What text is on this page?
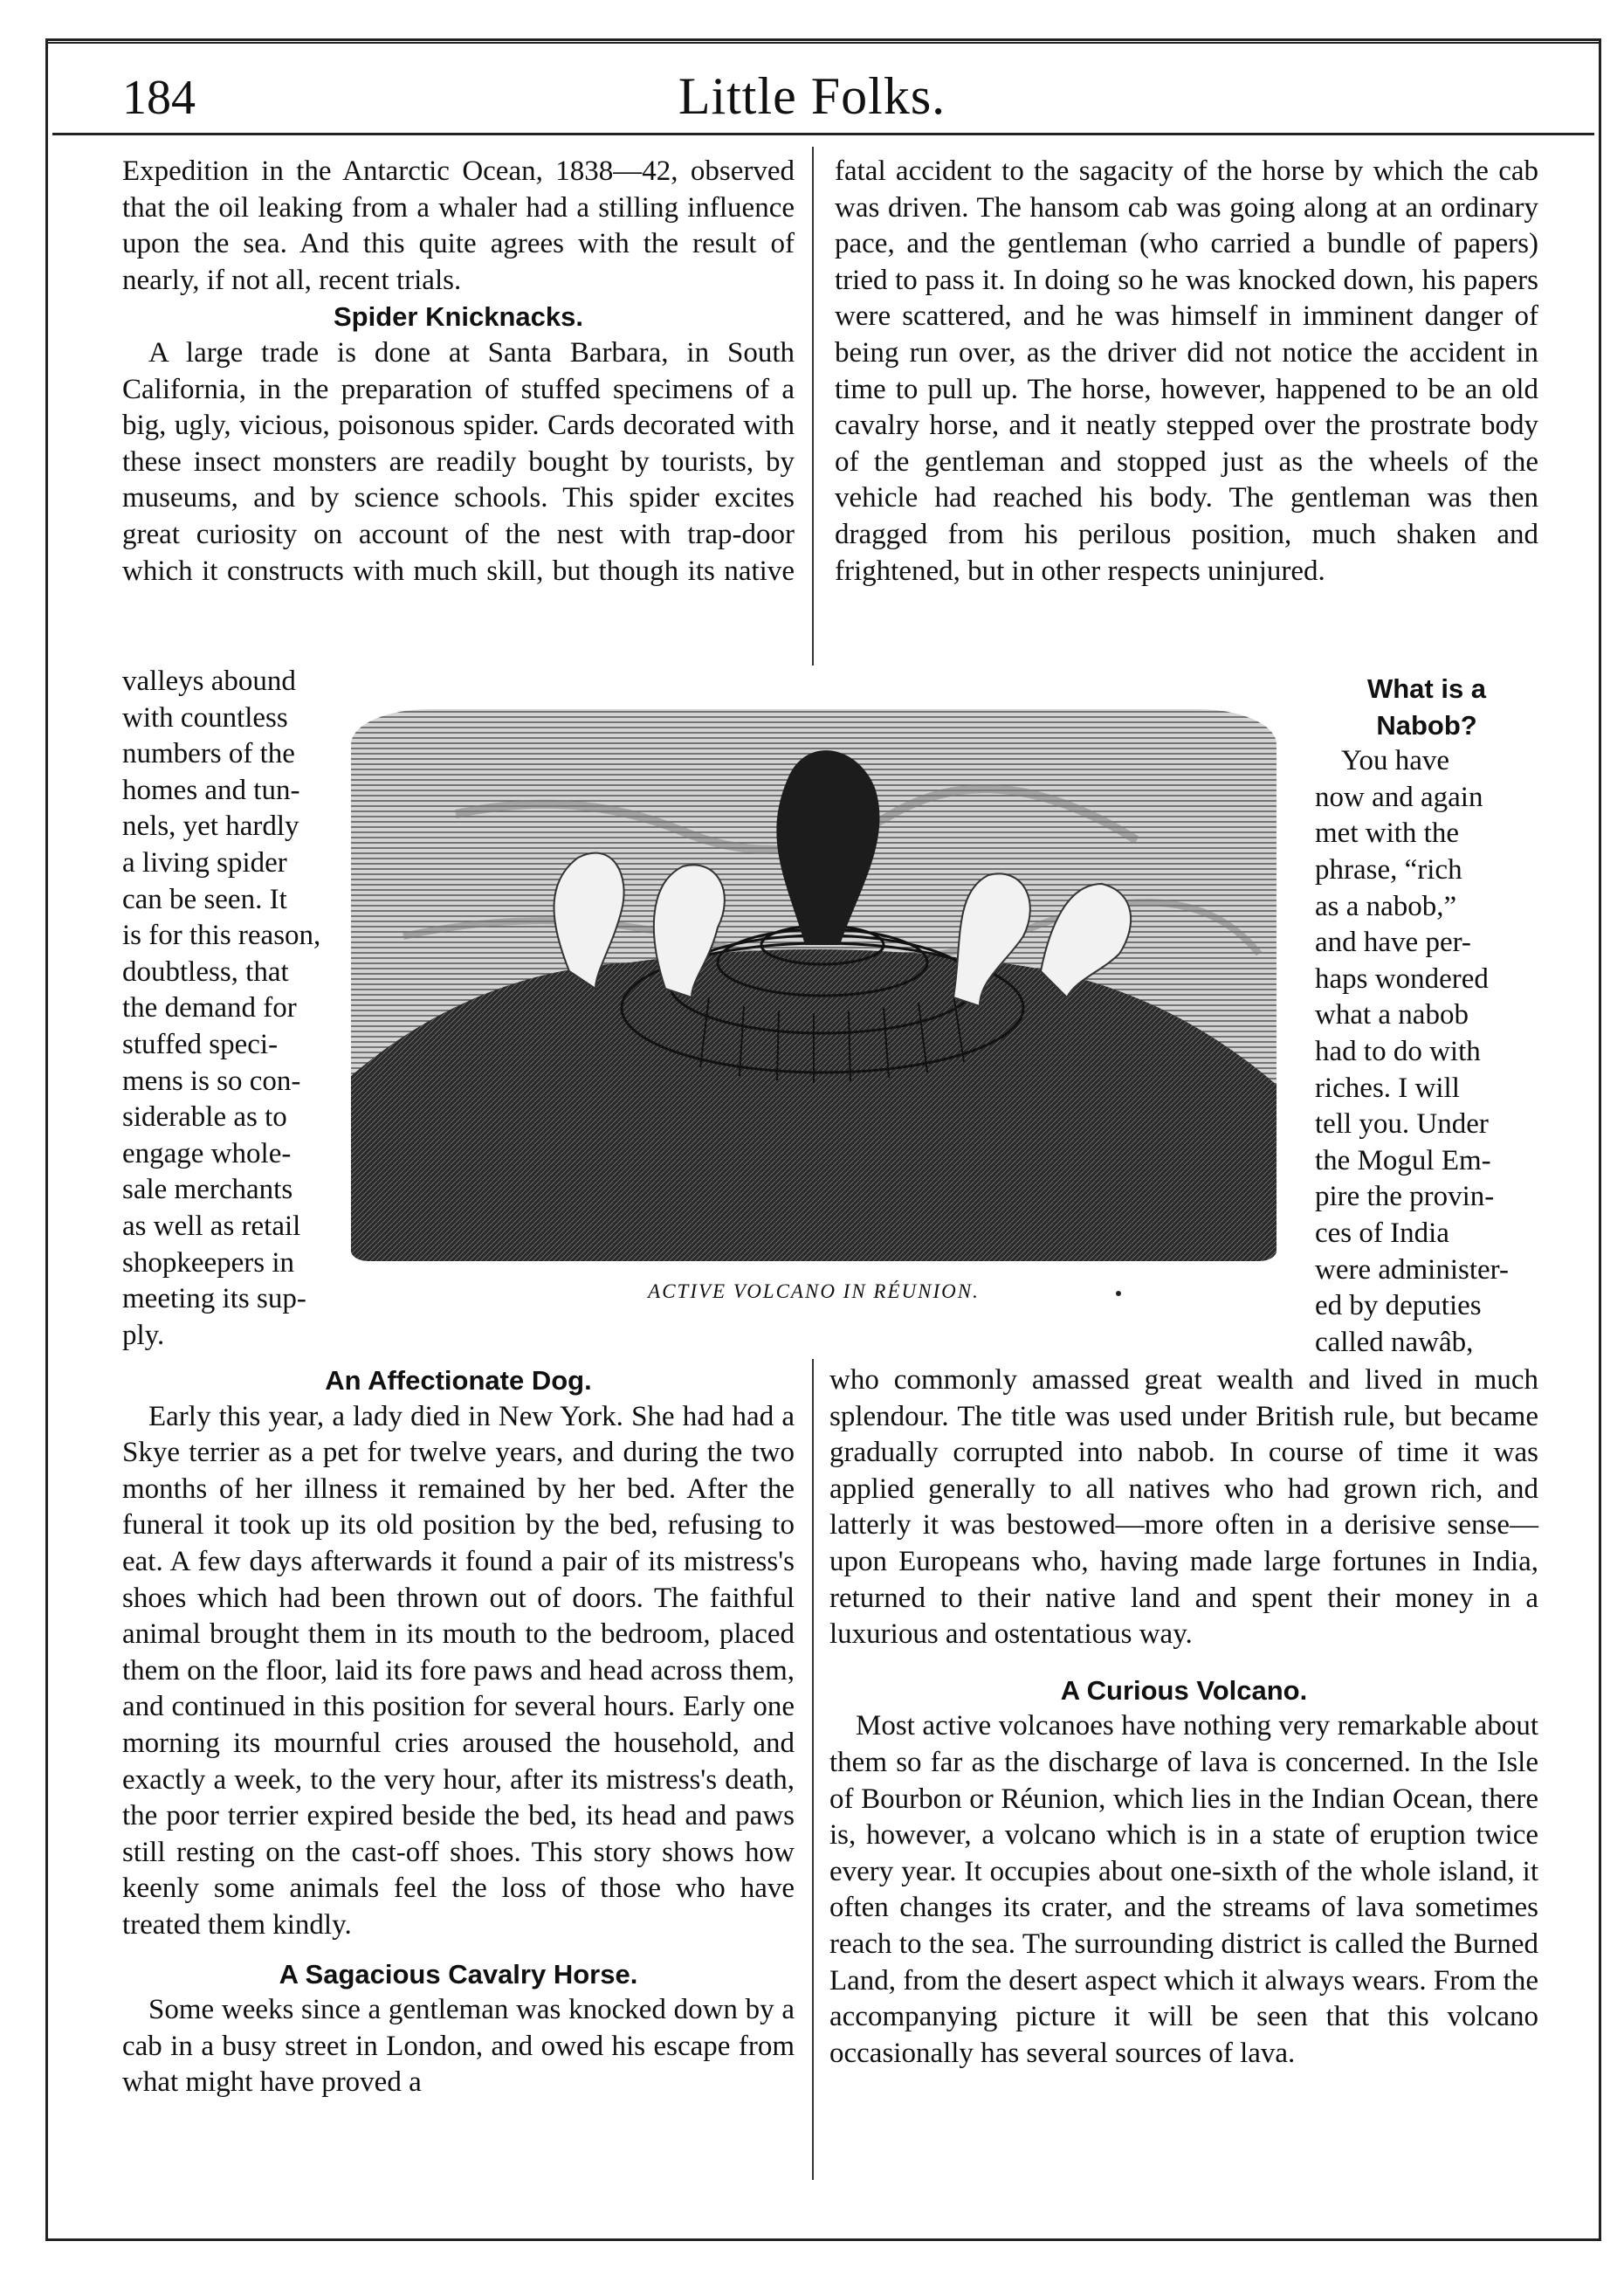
184	Little Folks.

Expedition in the Antarctic Ocean, 1838—42, observed that the oil leaking from a whaler had a stilling influence upon the sea. And this quite agrees with the result of nearly, if not all, recent trials.

Spider Knicknacks.

A large trade is done at Santa Barbara, in South California, in the preparation of stuffed specimens of a big, ugly, vicious, poisonous spider. Cards decorated with these insect monsters are readily bought by tourists, by museums, and by science schools. This spider excites great curiosity on account of the nest with trap-door which it constructs with much skill, but though its native

valleys abound
with countless
numbers of the
homes and tun-
nels, yet hardly
a living spider
can be seen. It
is for this reason,
doubtless, that
the demand for
stuffed speci-
mens is so con-
siderable as to
engage whole-
sale merchants
as well as retail
shopkeepers in
meeting its sup-
ply.

An Affectionate Dog.

Early this year, a lady died in New York. She had had a Skye terrier as a pet for twelve years, and during the two months of her illness it remained by her bed. After the funeral it took up its old position by the bed, refusing to eat. A few days afterwards it found a pair of its mistress's shoes which had been thrown out of doors. The faithful animal brought them in its mouth to the bedroom, placed them on the floor, laid its fore paws and head across them, and continued in this position for several hours. Early one morning its mournful cries aroused the household, and exactly a week, to the very hour, after its mistress's death, the poor terrier expired beside the bed, its head and paws still resting on the cast-off shoes. This story shows how keenly some animals feel the loss of those who have treated them kindly.

A Sagacious Cavalry Horse.

Some weeks since a gentleman was knocked down by a cab in a busy street in London, and owed his escape from what might have proved a

fatal accident to the sagacity of the horse by which the cab was driven. The hansom cab was going along at an ordinary pace, and the gentleman (who carried a bundle of papers) tried to pass it. In doing so he was knocked down, his papers were scattered, and he was himself in imminent danger of being run over, as the driver did not notice the accident in time to pull up. The horse, however, happened to be an old cavalry horse, and it neatly stepped over the prostrate body of the gentleman and stopped just as the wheels of the vehicle had reached his body. The gentleman was then dragged from his perilous position, much shaken and frightened, but in other respects uninjured.

What is a
Nabob?

You have
now and again
met with the
phrase, “rich
as a nabob,”
and have per-
haps wondered
what a nabob
had to do with
riches. I will
tell you. Under
the Mogul Em-
pire the provin-
ces of India
were administer-
ed by deputies
called nawâb,

who commonly amassed great wealth and lived in much splendour. The title was used under British rule, but became gradually corrupted into nabob. In course of time it was applied generally to all natives who had grown rich, and latterly it was bestowed—more often in a derisive sense—upon Europeans who, having made large fortunes in India, returned to their native land and spent their money in a luxurious and ostentatious way.

A Curious Volcano.

Most active volcanoes have nothing very remarkable about them so far as the discharge of lava is concerned. In the Isle of Bourbon or Réunion, which lies in the Indian Ocean, there is, however, a volcano which is in a state of eruption twice every year. It occupies about one-sixth of the whole island, it often changes its crater, and the streams of lava sometimes reach to the sea. The surrounding district is called the Burned Land, from the desert aspect which it always wears. From the accompanying picture it will be seen that this volcano occasionally has several sources of lava.

ACTIVE VOLCANO IN RÉUNION.
